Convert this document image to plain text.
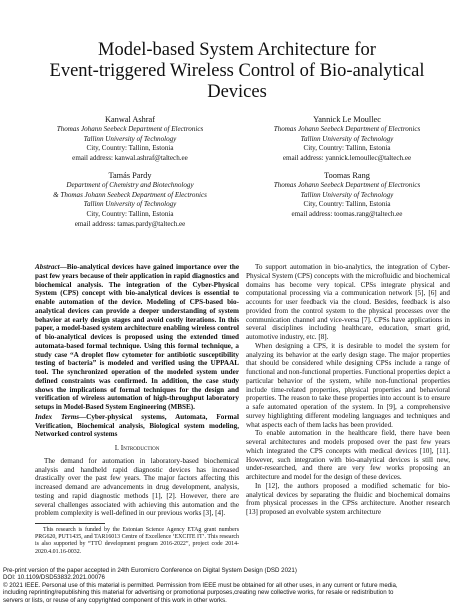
Model-based System Architecture for
Event-triggered Wireless Control of Bio-analytical
Devices
Kanwal Ashraf
Thomas Johann Seebeck Department of Electronics
Tallinn University of Technology
City, Country: Tallinn, Estonia
email address: kanwal.ashraf@taltech.ee
Yannick Le Moullec
Thomas Johann Seebeck Department of Electronics
Tallinn University of Technology
City, Country: Tallinn, Estonia
email address: yannick.lemoullec@taltech.ee
Tamás Pardy
Department of Chemistry and Biotechnology
& Thomas Johann Seebeck Department of Electronics
Tallinn University of Technology
City, Country: Tallinn, Estonia
email address: tamas.pardy@taltech.ee
Toomas Rang
Thomas Johann Seebeck Department of Electronics
Tallinn University of Technology
City, Country: Tallinn, Estonia
email address: toomas.rang@taltech.ee

Abstract—Bio-analytical devices have gained importance over the past few years because of their application in rapid diagnostics and biochemical analysis. The integration of the Cyber-Physical System (CPS) concept with bio-analytical devices is essential to enable automation of the device. Modeling of CPS-based bio-analytical devices can provide a deeper understanding of system behavior at early design stages and avoid costly iterations. In this paper, a model-based system architecture enabling wireless control of bio-analytical devices is proposed using the extended timed automata-based formal technique. Using this formal technique, a study case “A droplet flow cytometer for antibiotic susceptibility testing of bacteria” is modeled and verified using the UPPAAL tool. The synchronized operation of the modeled system under defined constraints was confirmed. In addition, the case study shows the implications of formal techniques for the design and verification of wireless automation of high-throughput laboratory setups in Model-Based System Engineering (MBSE).

Index Terms—Cyber-physical systems, Automata, Formal Verification, Biochemical analysis, Biological system modeling, Networked control systems

I. Introduction

The demand for automation in laboratory-based biochemical analysis and handheld rapid diagnostic devices has increased drastically over the past few years. The major factors affecting this increased demand are advancements in drug development, analysis, testing and rapid diagnostic methods [1], [2]. However, there are several challenges associated with achieving this automation and the problem complexity is well-defined in our previous works [3], [4].

This research is funded by the Estonian Science Agency ETAg grant numbers PRG620, PUT1435, and TAR16013 Centre of Excellence ‘EXCITE IT’. This research is also supported by “TTÜ development program 2016-2022”, project code 2014-2020.4.01.16-0032.

To support automation in bio-analytics, the integration of Cyber-Physical System (CPS) concepts with the microfluidic and biochemical domains has become very topical. CPSs integrate physical and computational processing via a communication network [5], [6] and accounts for user feedback via the cloud. Besides, feedback is also provided from the control system to the physical processes over the communication channel and vice-versa [7]. CPSs have applications in several disciplines including healthcare, education, smart grid, automotive industry, etc. [8].

When designing a CPS, it is desirable to model the system for analyzing its behavior at the early design stage. The major properties that should be considered while designing CPSs include a range of functional and non-functional properties. Functional properties depict a particular behavior of the system, while non-functional properties include time-related properties, physical properties and behavioral properties. The reason to take these properties into account is to ensure a safe automated operation of the system. In [9], a comprehensive survey highlighting different modeling languages and techniques and what aspects each of them lacks has been provided.

To enable automation in the healthcare field, there have been several architectures and models proposed over the past few years which integrated the CPS concepts with medical devices [10], [11]. However, such integration with bio-analytical devices is still new, under-researched, and there are very few works proposing an architecture and model for the design of these devices.

In [12], the authors proposed a modified schematic for bio-analytical devices by separating the fluidic and biochemical domains from physical processes in the CPSs architecture. Another research [13] proposed an evolvable system architecture

Pre-print version of the paper accepted in 24th Euromicro Conference on Digital System Design (DSD 2021)
DOI: 10.1109/DSD53832.2021.00076
© 2021 IEEE. Personal use of this material is permitted. Permission from IEEE must be obtained for all other uses, in any current or future media,
including reprinting/republishing this material for advertising or promotional purposes,creating new collective works, for resale or redistribution to
servers or lists, or reuse of any copyrighted component of this work in other works.
